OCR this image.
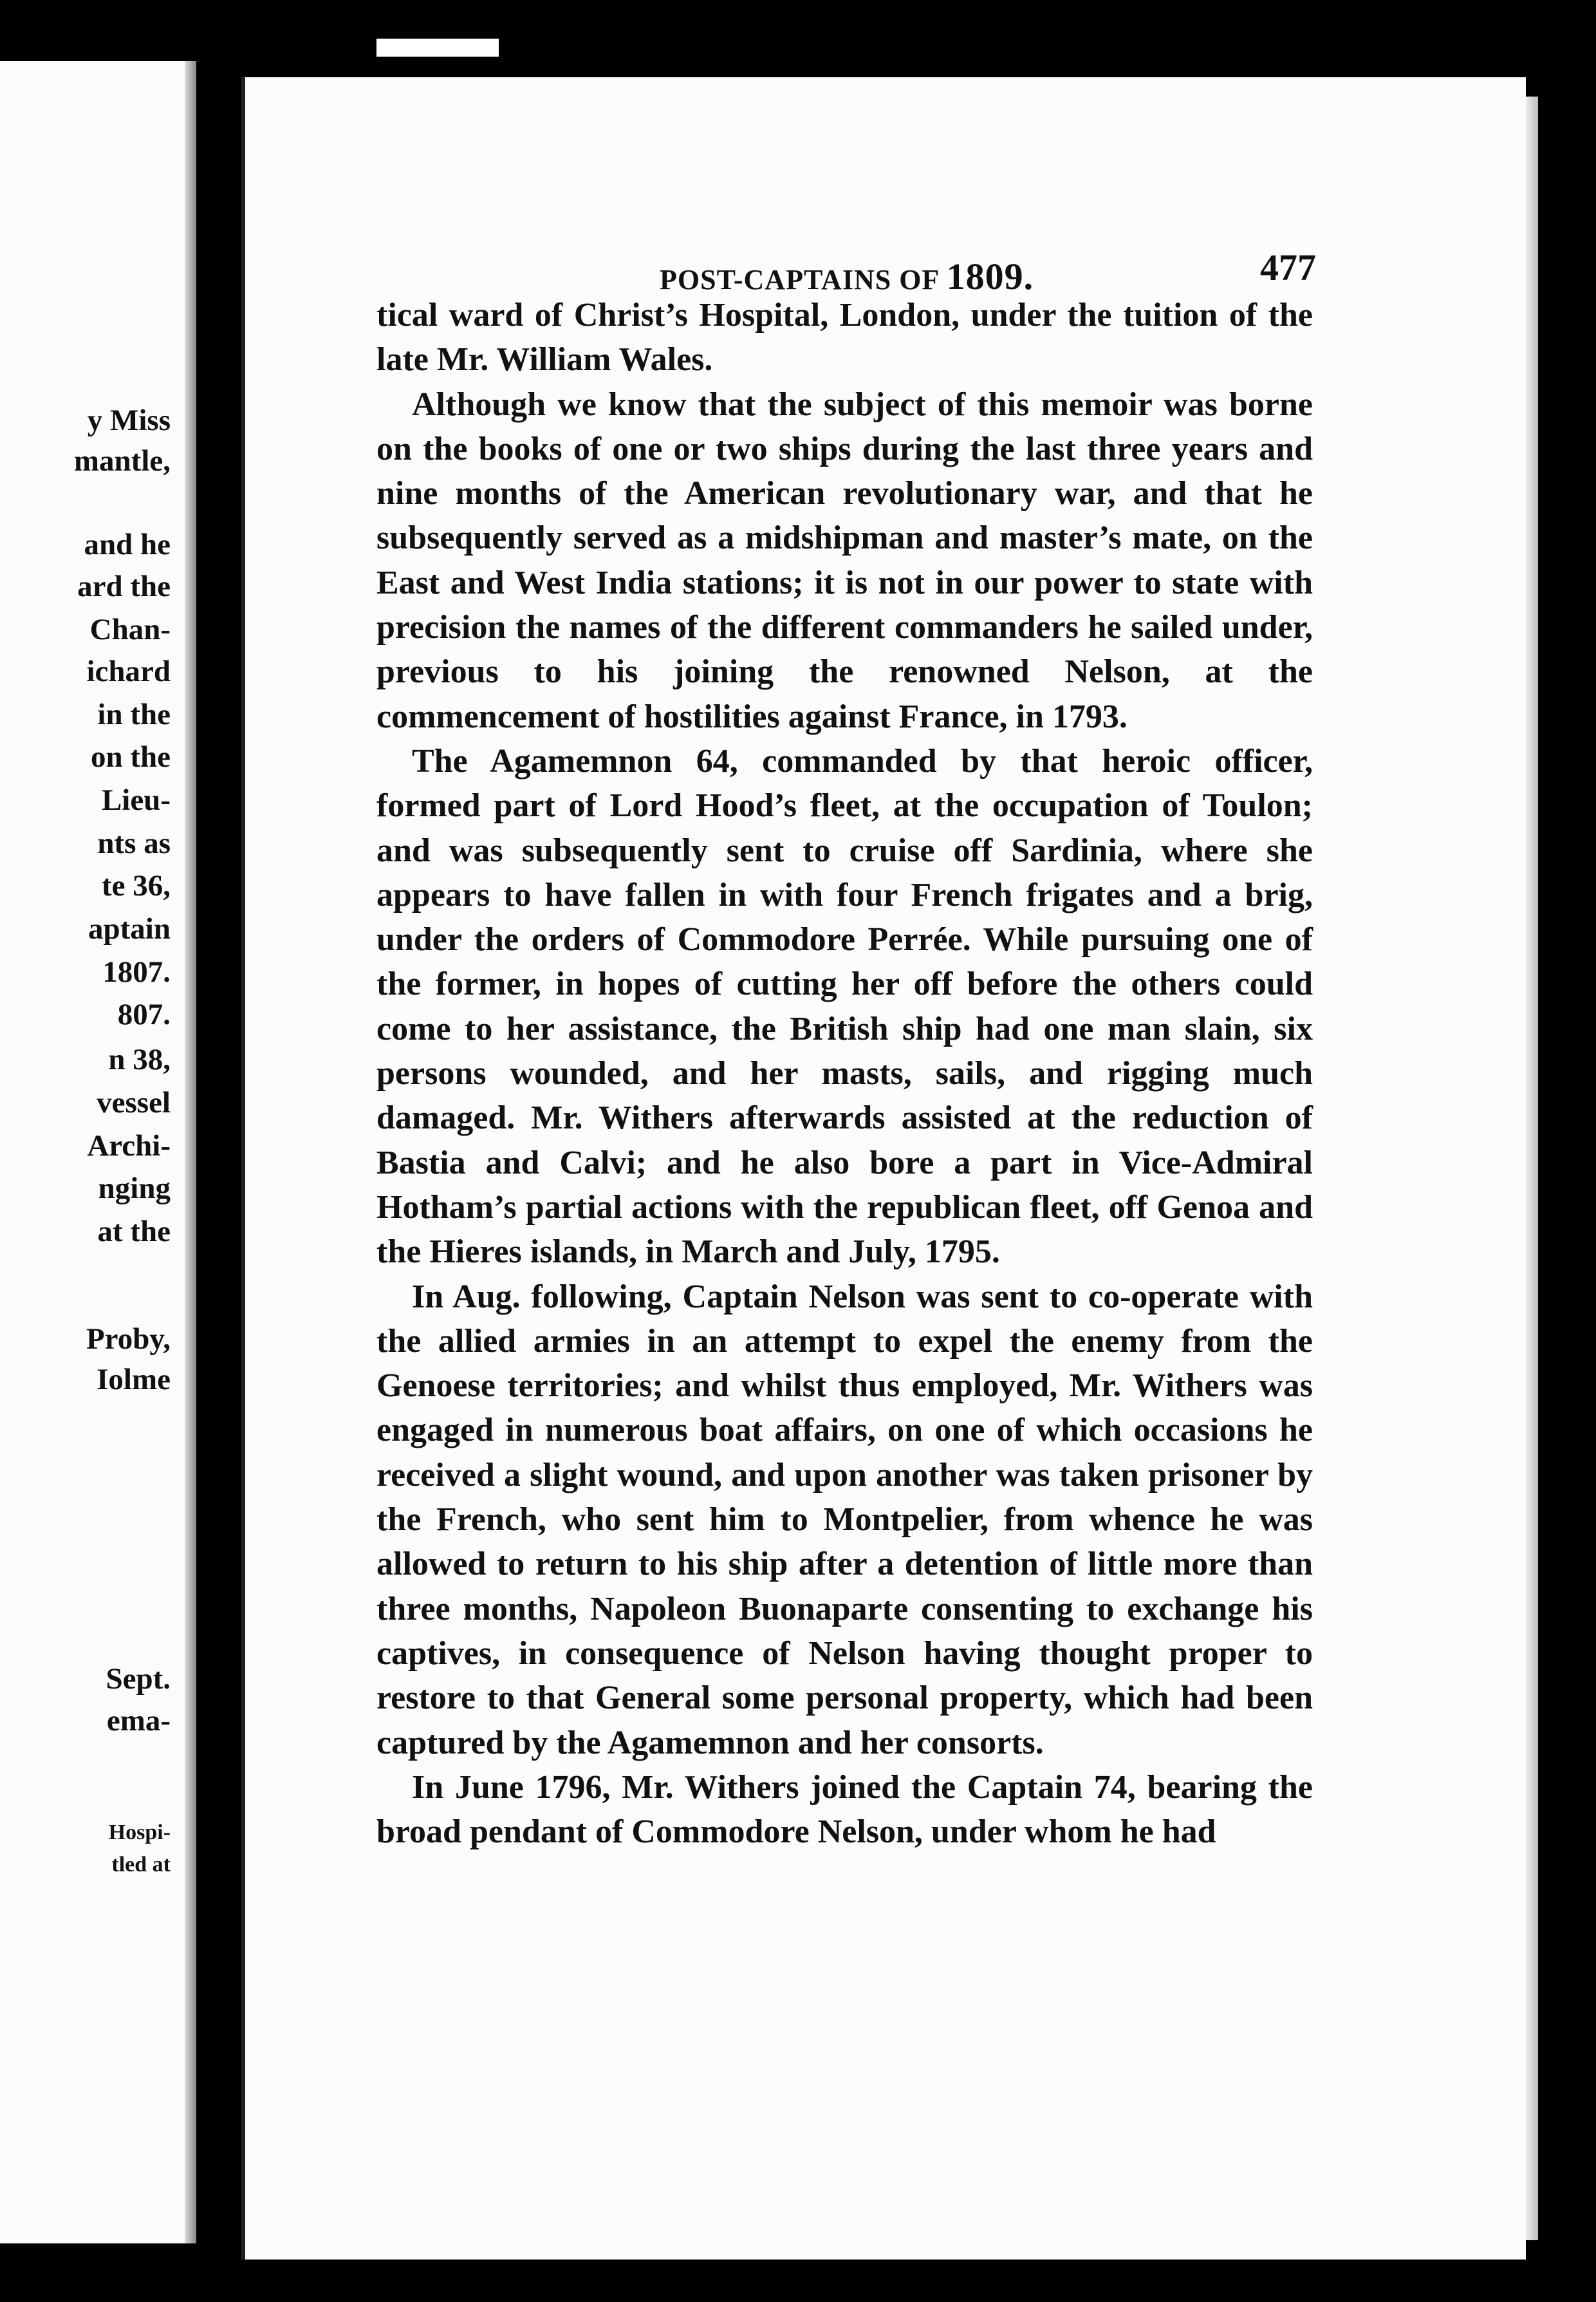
y Miss
mantle,
and he
ard the
Chan-
ichard
in the
on the
Lieu-
nts as
te 36,
aptain
1807.
807.
n 38,
vessel
Archi-
nging
at the
Proby,
Iolme
Sept.
ema-
Hospi-
tled at
POST-CAPTAINS OF 1809.	477

tical ward of Christ’s Hospital, London, under the tuition of the late Mr. William Wales.

Although we know that the subject of this memoir was borne on the books of one or two ships during the last three years and nine months of the American revolutionary war, and that he subsequently served as a midshipman and master’s mate, on the East and West India stations; it is not in our power to state with precision the names of the different commanders he sailed under, previous to his joining the renowned Nelson, at the commencement of hostilities against France, in 1793.

The Agamemnon 64, commanded by that heroic officer, formed part of Lord Hood’s fleet, at the occupation of Toulon; and was subsequently sent to cruise off Sardinia, where she appears to have fallen in with four French frigates and a brig, under the orders of Commodore Perrée. While pursuing one of the former, in hopes of cutting her off before the others could come to her assistance, the British ship had one man slain, six persons wounded, and her masts, sails, and rigging much damaged. Mr. Withers afterwards assisted at the reduction of Bastia and Calvi; and he also bore a part in Vice-Admiral Hotham’s partial actions with the republican fleet, off Genoa and the Hieres islands, in March and July, 1795.

In Aug. following, Captain Nelson was sent to co-operate with the allied armies in an attempt to expel the enemy from the Genoese territories; and whilst thus employed, Mr. Withers was engaged in numerous boat affairs, on one of which occasions he received a slight wound, and upon another was taken prisoner by the French, who sent him to Montpelier, from whence he was allowed to return to his ship after a detention of little more than three months, Napoleon Buonaparte consenting to exchange his captives, in consequence of Nelson having thought proper to restore to that General some personal property, which had been captured by the Agamemnon and her consorts.

In June 1796, Mr. Withers joined the Captain 74, bearing the broad pendant of Commodore Nelson, under whom he had
